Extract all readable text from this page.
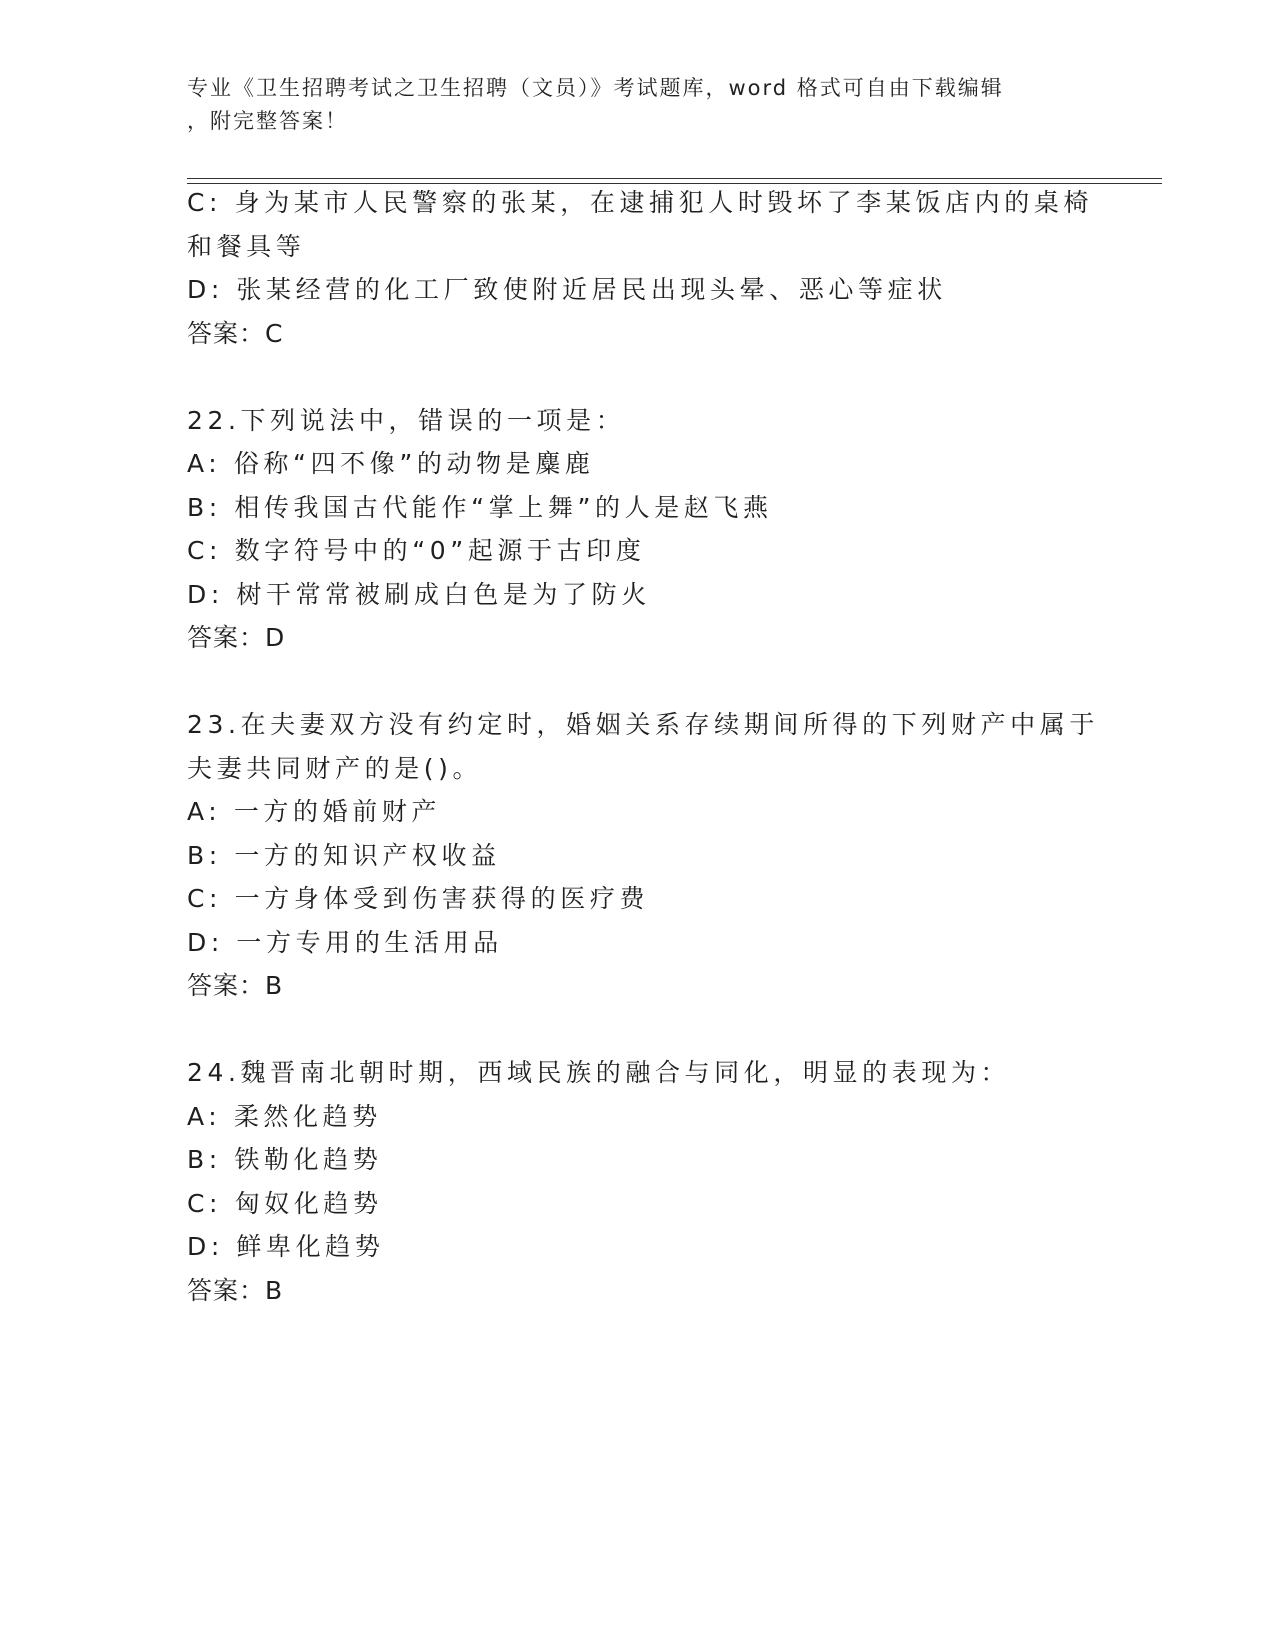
专业《卫生招聘考试之卫生招聘（文员）》考试题库，word 格式可自由下载编辑
，附完整答案！
C: 身为某市人民警察的张某，在逮捕犯人时毁坏了李某饭店内的桌椅
和餐具等
D: 张某经营的化工厂致使附近居民出现头晕、恶心等症状
答案：C
22.下列说法中，错误的一项是：
A: 俗称“四不像”的动物是麋鹿
B: 相传我国古代能作“掌上舞”的人是赵飞燕
C: 数字符号中的“0”起源于古印度
D: 树干常常被刷成白色是为了防火
答案：D
23.在夫妻双方没有约定时，婚姻关系存续期间所得的下列财产中属于
夫妻共同财产的是()。
A: 一方的婚前财产
B: 一方的知识产权收益
C: 一方身体受到伤害获得的医疗费
D: 一方专用的生活用品
答案：B
24.魏晋南北朝时期，西域民族的融合与同化，明显的表现为：
A: 柔然化趋势
B: 铁勒化趋势
C: 匈奴化趋势
D: 鲜卑化趋势
答案：B
